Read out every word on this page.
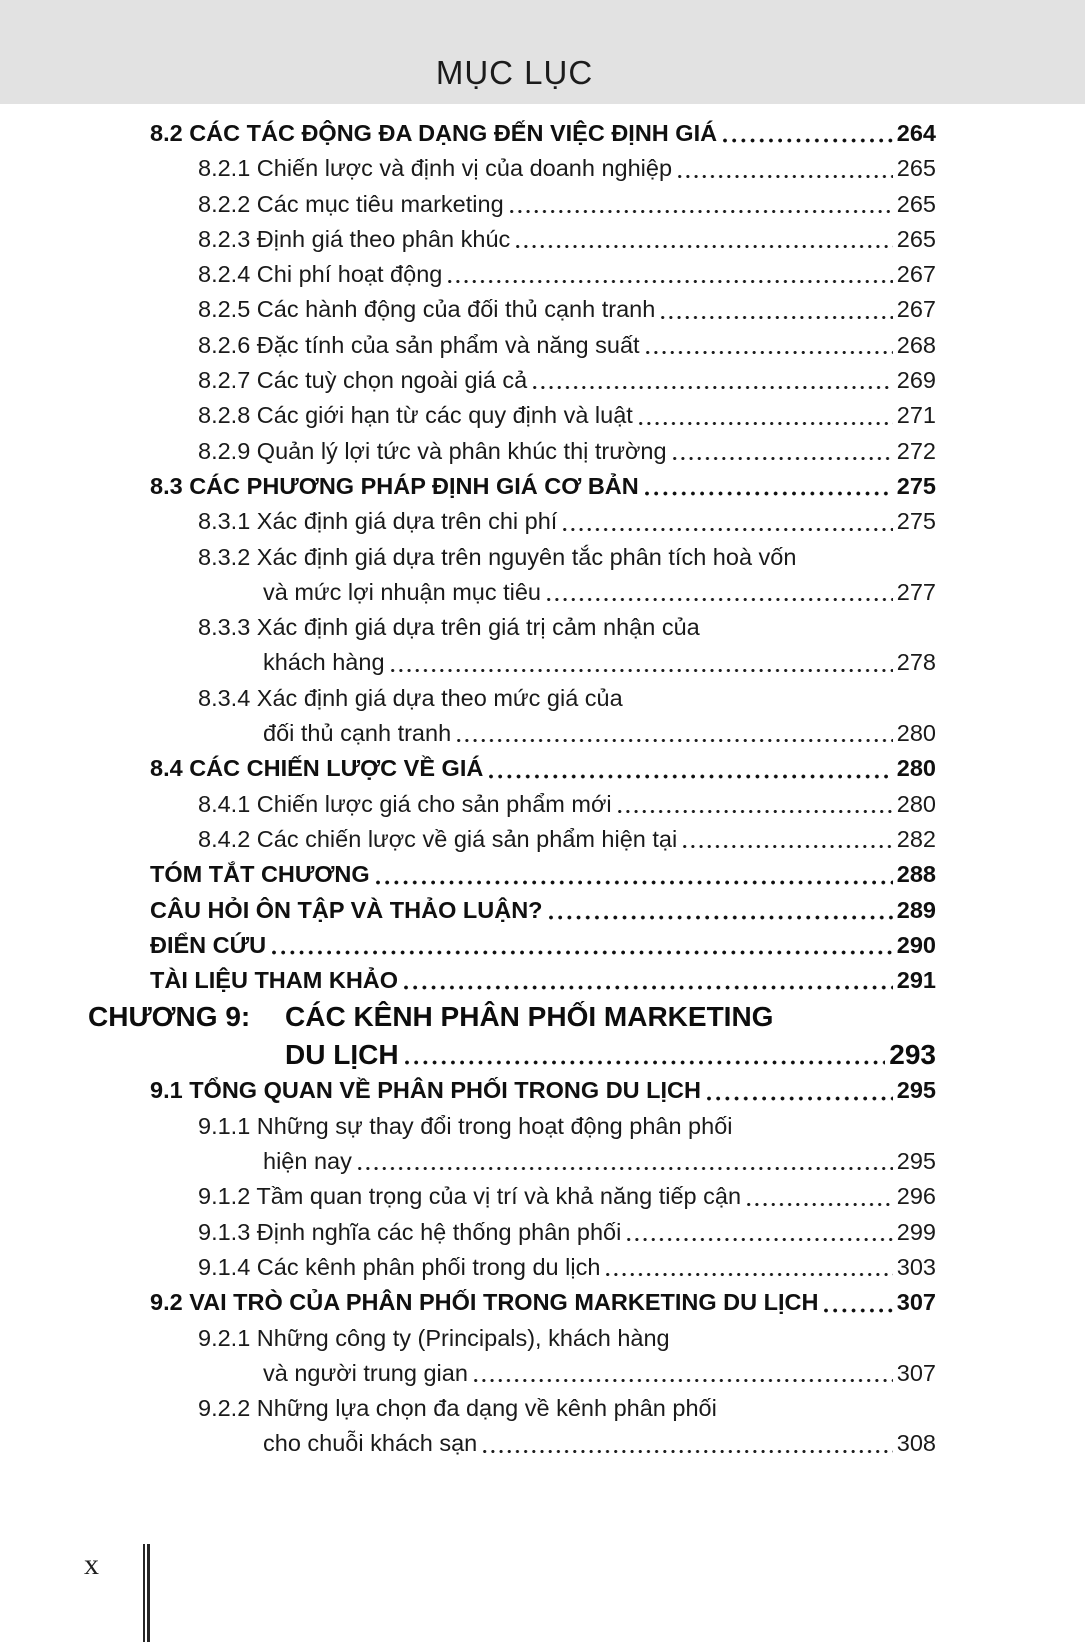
MỤC LỤC
8.2 CÁC TÁC ĐỘNG ĐA DẠNG ĐẾN VIỆC ĐỊNH GIÁ	264
8.2.1 Chiến lược và định vị của doanh nghiệp	265
8.2.2 Các mục tiêu marketing	265
8.2.3 Định giá theo phân khúc	265
8.2.4 Chi phí hoạt động	267
8.2.5 Các hành động của đối thủ cạnh tranh	267
8.2.6 Đặc tính của sản phẩm và năng suất	268
8.2.7 Các tuỳ chọn ngoài giá cả	269
8.2.8 Các giới hạn từ các quy định và luật	271
8.2.9 Quản lý lợi tức và phân khúc thị trường	272
8.3 CÁC PHƯƠNG PHÁP ĐỊNH GIÁ CƠ BẢN	275
8.3.1 Xác định giá dựa trên chi phí	275
8.3.2 Xác định giá dựa trên nguyên tắc phân tích hoà vốn
và mức lợi nhuận mục tiêu	277
8.3.3 Xác định giá dựa trên giá trị cảm nhận của
khách hàng	278
8.3.4 Xác định giá dựa theo mức giá của
đối thủ cạnh tranh	280
8.4 CÁC CHIẾN LƯỢC VỀ GIÁ	280
8.4.1 Chiến lược giá cho sản phẩm mới	280
8.4.2 Các chiến lược về giá sản phẩm hiện tại	282
TÓM TẮT CHƯƠNG	288
CÂU HỎI ÔN TẬP VÀ THẢO LUẬN?	289
ĐIỂN CỨU	290
TÀI LIỆU THAM KHẢO	291
CHƯƠNG 9:	CÁC KÊNH PHÂN PHỐI MARKETING
DU LỊCH	293
9.1 TỔNG QUAN VỀ PHÂN PHỐI TRONG DU LỊCH	295
9.1.1 Những sự thay đổi trong hoạt động phân phối
hiện nay	295
9.1.2 Tầm quan trọng của vị trí và khả năng tiếp cận	296
9.1.3 Định nghĩa các hệ thống phân phối	299
9.1.4 Các kênh phân phối trong du lịch	303
9.2 VAI TRÒ CỦA PHÂN PHỐI TRONG MARKETING DU LỊCH	307
9.2.1 Những công ty (Principals), khách hàng
và người trung gian	307
9.2.2 Những lựa chọn đa dạng về kênh phân phối
cho chuỗi khách sạn	308
x
